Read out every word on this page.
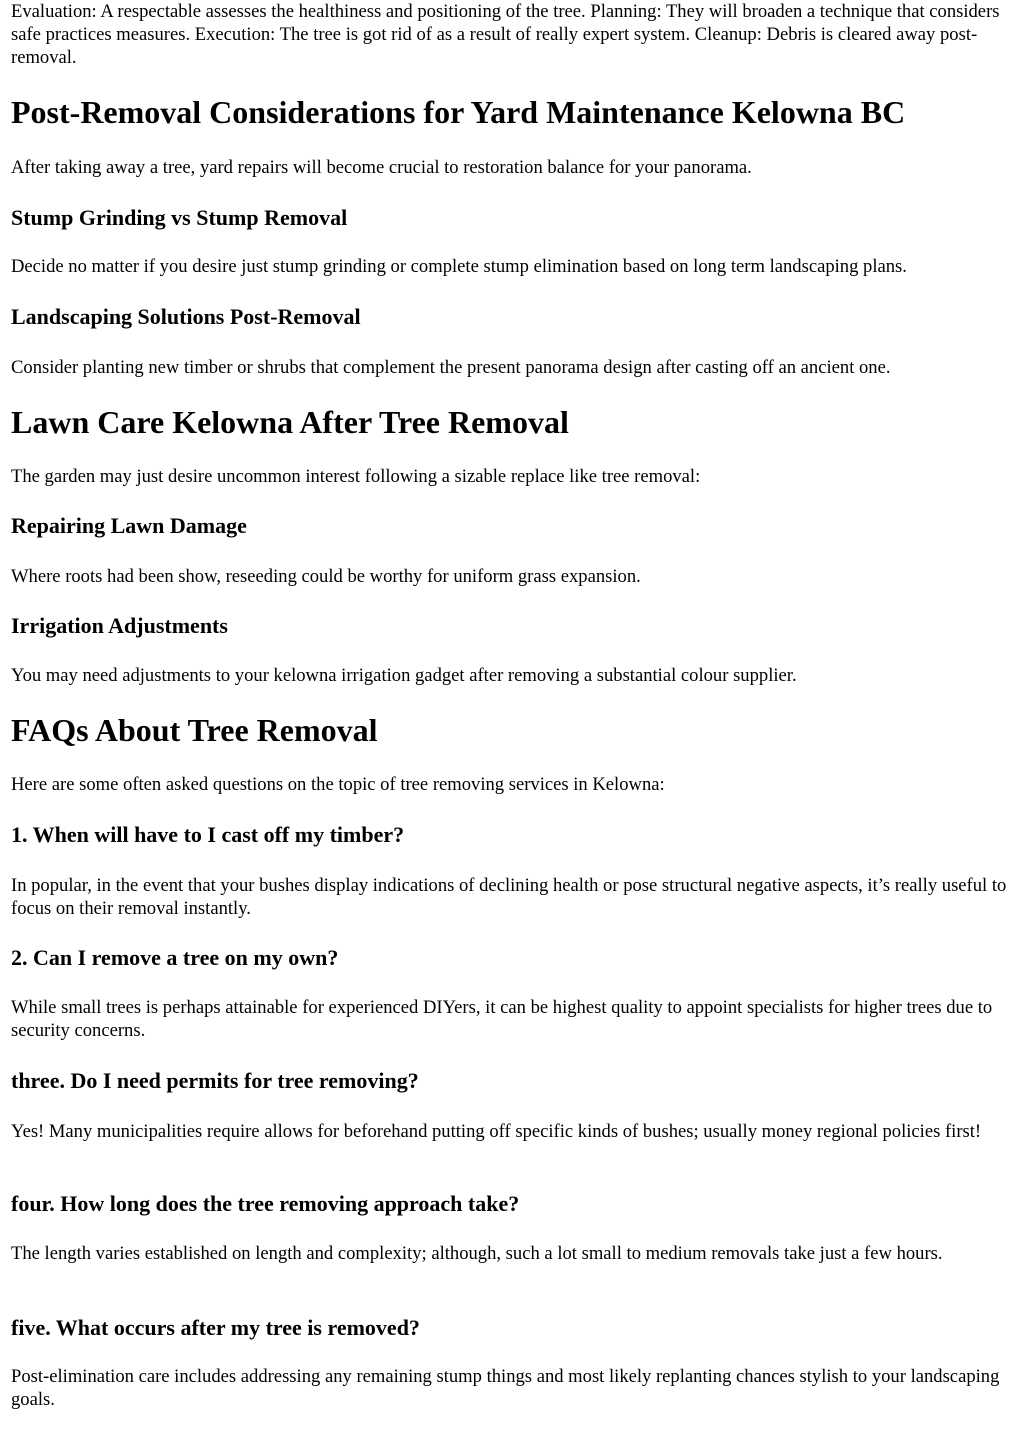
Evaluation: A respectable assesses the healthiness and positioning of the tree. Planning: They will broaden a technique that considers safe practices measures. Execution: The tree is got rid of as a result of really expert system. Cleanup: Debris is cleared away post-removal.

Post-Removal Considerations for Yard Maintenance Kelowna BC

After taking away a tree, yard repairs will become crucial to restoration balance for your panorama.

Stump Grinding vs Stump Removal

Decide no matter if you desire just stump grinding or complete stump elimination based on long term landscaping plans.

Landscaping Solutions Post-Removal

Consider planting new timber or shrubs that complement the present panorama design after casting off an ancient one.

Lawn Care Kelowna After Tree Removal

The garden may just desire uncommon interest following a sizable replace like tree removal:

Repairing Lawn Damage

Where roots had been show, reseeding could be worthy for uniform grass expansion.

Irrigation Adjustments

You may need adjustments to your kelowna irrigation gadget after removing a substantial colour supplier.

FAQs About Tree Removal

Here are some often asked questions on the topic of tree removing services in Kelowna:

1. When will have to I cast off my timber?

In popular, in the event that your bushes display indications of declining health or pose structural negative aspects, it’s really useful to focus on their removal instantly.

2. Can I remove a tree on my own?

While small trees is perhaps attainable for experienced DIYers, it can be highest quality to appoint specialists for higher trees due to security concerns.

three. Do I need permits for tree removing?

Yes! Many municipalities require allows for beforehand putting off specific kinds of bushes; usually money regional policies first!

four. How long does the tree removing approach take?

The length varies established on length and complexity; although, such a lot small to medium removals take just a few hours.

five. What occurs after my tree is removed?

Post-elimination care includes addressing any remaining stump things and most likely replanting chances stylish to your landscaping goals.
